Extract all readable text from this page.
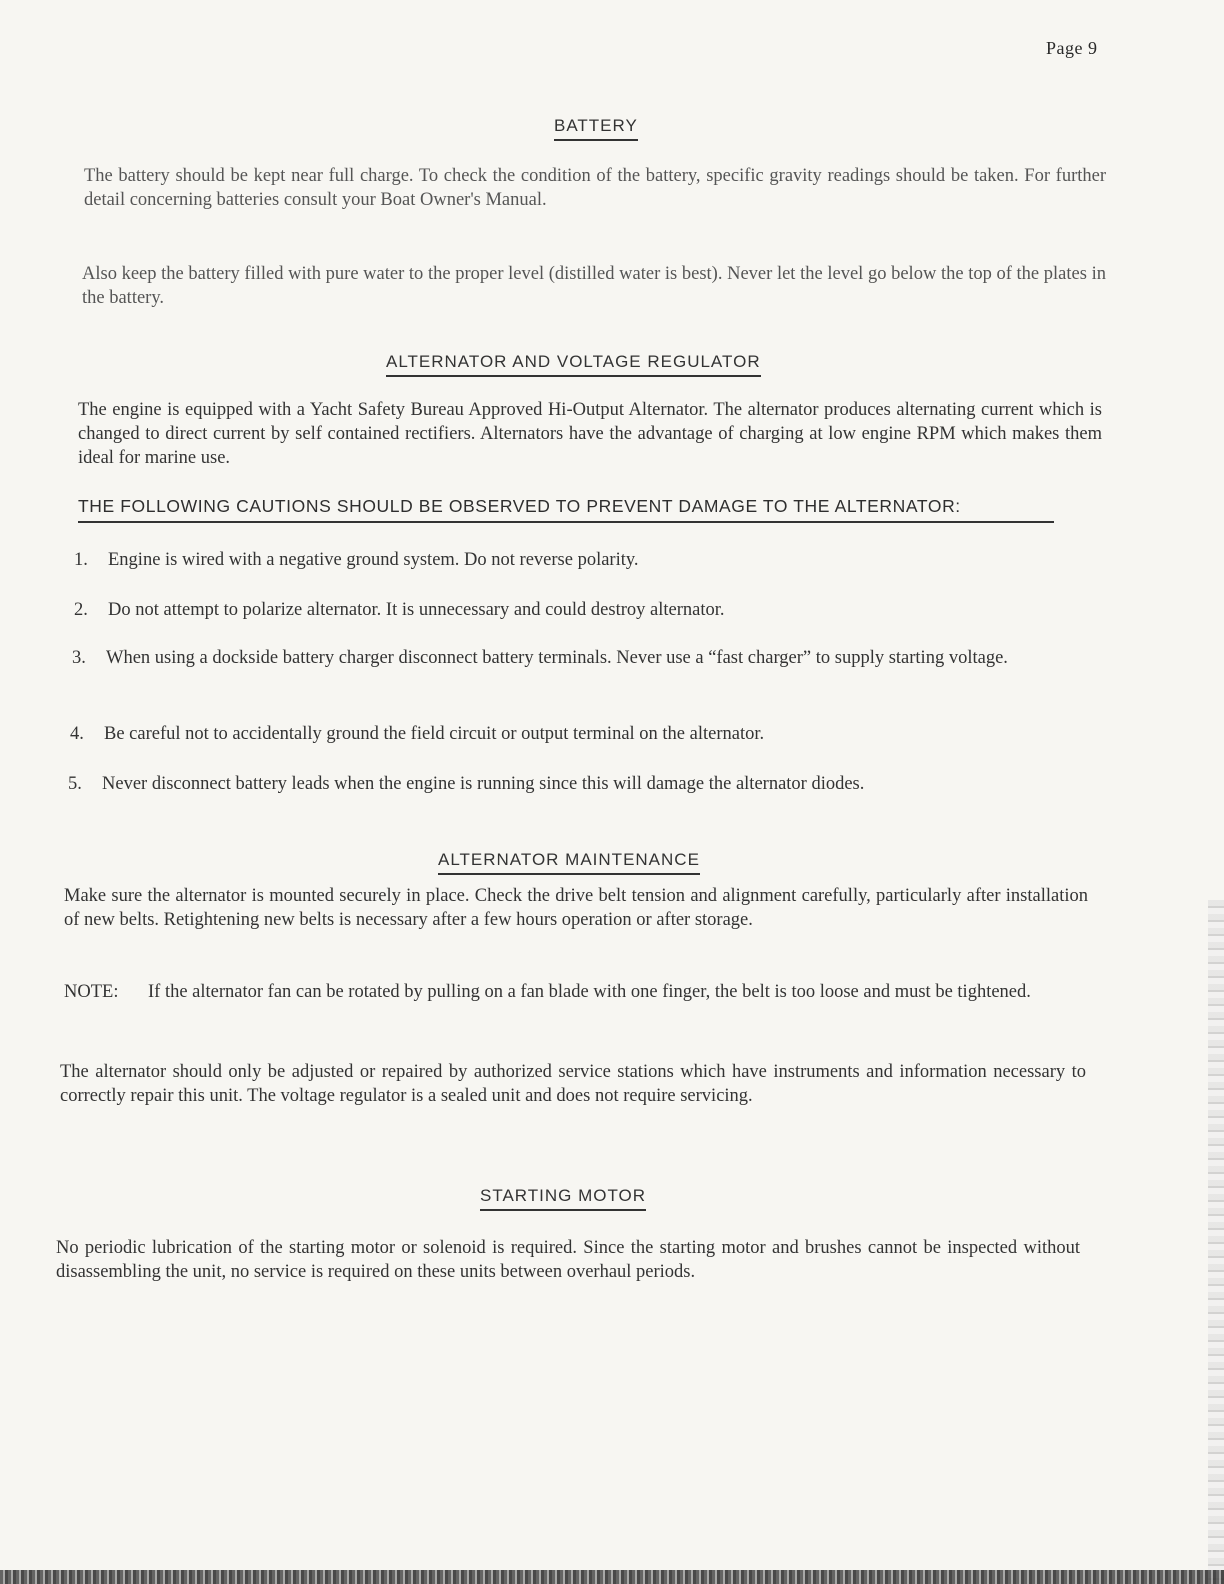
Page 9
BATTERY
The battery should be kept near full charge. To check the condition of the battery, specific gravity readings should be taken. For further detail concerning batteries consult your Boat Owner's Manual.
Also keep the battery filled with pure water to the proper level (distilled water is best). Never let the level go below the top of the plates in the battery.
ALTERNATOR AND VOLTAGE REGULATOR
The engine is equipped with a Yacht Safety Bureau Approved Hi-Output Alternator. The alternator produces alternating current which is changed to direct current by self contained rectifiers. Alternators have the advantage of charging at low engine RPM which makes them ideal for marine use.
THE FOLLOWING CAUTIONS SHOULD BE OBSERVED TO PREVENT DAMAGE TO THE ALTERNATOR:
1. Engine is wired with a negative ground system. Do not reverse polarity.
2. Do not attempt to polarize alternator. It is unnecessary and could destroy alternator.
3. When using a dockside battery charger disconnect battery terminals. Never use a “fast charger” to supply starting voltage.
4. Be careful not to accidentally ground the field circuit or output terminal on the alternator.
5. Never disconnect battery leads when the engine is running since this will damage the alternator diodes.
ALTERNATOR MAINTENANCE
Make sure the alternator is mounted securely in place. Check the drive belt tension and alignment carefully, particularly after installation of new belts. Retightening new belts is necessary after a few hours operation or after storage.
NOTE: If the alternator fan can be rotated by pulling on a fan blade with one finger, the belt is too loose and must be tightened.
The alternator should only be adjusted or repaired by authorized service stations which have instruments and information necessary to correctly repair this unit. The voltage regulator is a sealed unit and does not require servicing.
STARTING MOTOR
No periodic lubrication of the starting motor or solenoid is required. Since the starting motor and brushes cannot be inspected without disassembling the unit, no service is required on these units between overhaul periods.
